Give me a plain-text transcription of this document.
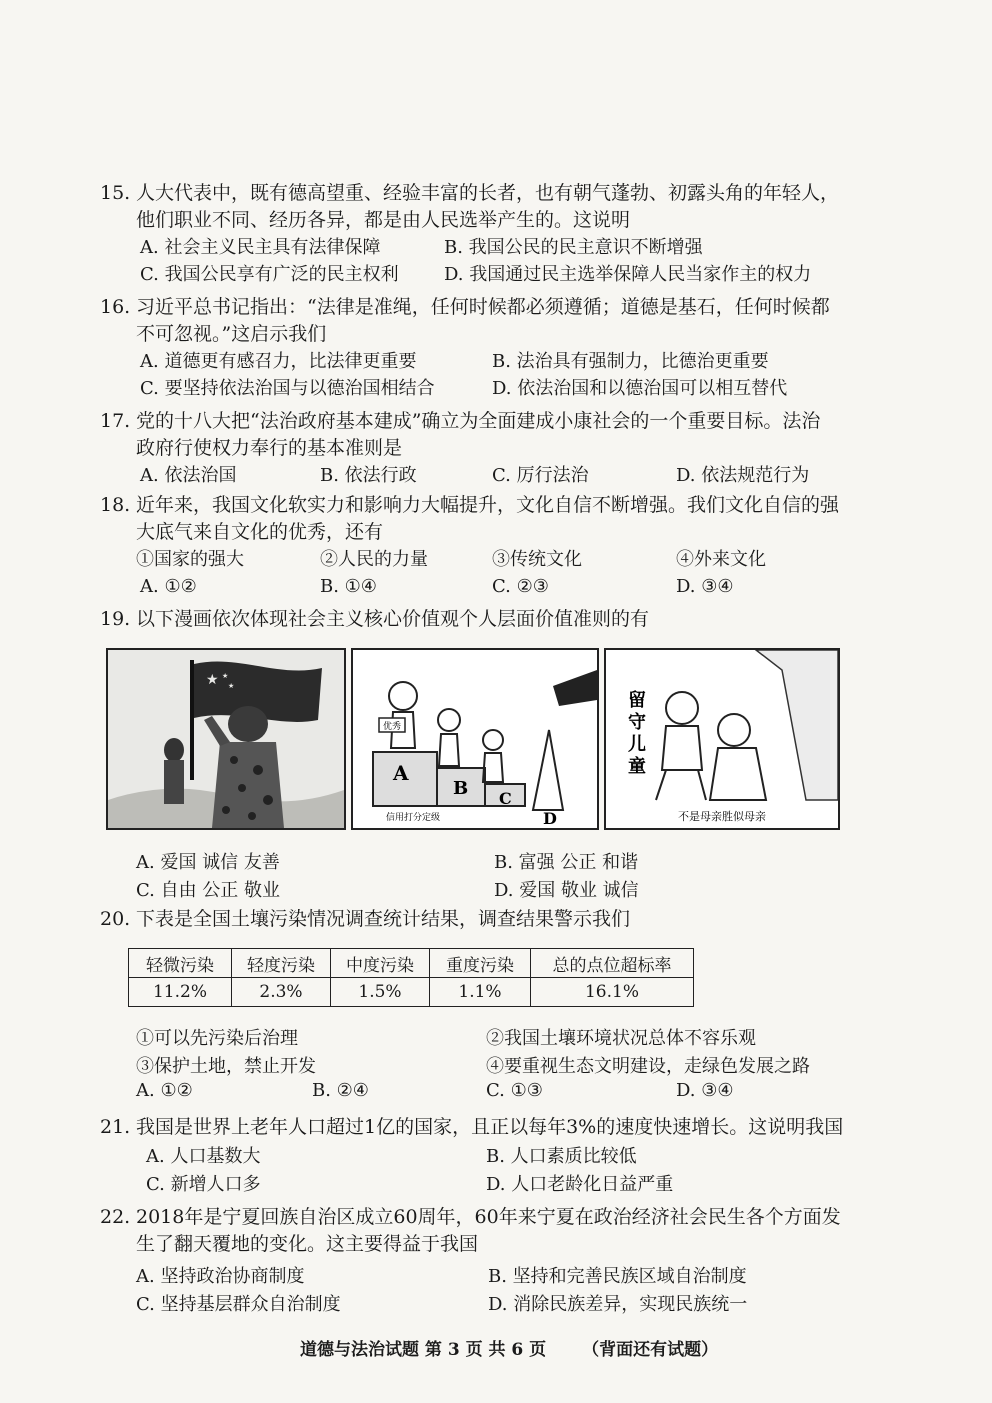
15. 人大代表中，既有德高望重、经验丰富的长者，也有朝气蓬勃、初露头角的年轻人，
他们职业不同、经历各异，都是由人民选举产生的。这说明
A. 社会主义民主具有法律保障	B. 我国公民的民主意识不断增强
C. 我国公民享有广泛的民主权利	D. 我国通过民主选举保障人民当家作主的权力
16. 习近平总书记指出：“法律是准绳，任何时候都必须遵循；道德是基石，任何时候都
不可忽视。”这启示我们
A. 道德更有感召力，比法律更重要	B. 法治具有强制力，比德治更重要
C. 要坚持依法治国与以德治国相结合	D. 依法治国和以德治国可以相互替代
17. 党的十八大把“法治政府基本建成”确立为全面建成小康社会的一个重要目标。法治
政府行使权力奉行的基本准则是
A. 依法治国	B. 依法行政	C. 厉行法治	D. 依法规范行为
18. 近年来，我国文化软实力和影响力大幅提升，文化自信不断增强。我们文化自信的强
大底气来自文化的优秀，还有
①国家的强大	②人民的力量	③传统文化	④外来文化
A. ①②	B. ①④	C. ②③	D. ③④
19. 以下漫画依次体现社会主义核心价值观个人层面价值准则的有
★ ★
★
优秀
A
B C
D
信用打分定级
留 守 儿 童
不是母亲胜似母亲
A. 爱国 诚信 友善	B. 富强 公正 和谐
C. 自由 公正 敬业	D. 爱国 敬业 诚信
20. 下表是全国土壤污染情况调查统计结果，调查结果警示我们
轻微污染	轻度污染	中度污染	重度污染	总的点位超标率
11.2%	2.3%	1.5%	1.1%	16.1%
①可以先污染后治理	②我国土壤环境状况总体不容乐观
③保护土地，禁止开发	④要重视生态文明建设，走绿色发展之路
A. ①②	B. ②④	C. ①③	D. ③④
21. 我国是世界上老年人口超过1亿的国家，且正以每年3%的速度快速增长。这说明我国
A. 人口基数大	B. 人口素质比较低
C. 新增人口多	D. 人口老龄化日益严重
22. 2018年是宁夏回族自治区成立60周年，60年来宁夏在政治经济社会民生各个方面发
生了翻天覆地的变化。这主要得益于我国
A. 坚持政治协商制度	B. 坚持和完善民族区域自治制度
C. 坚持基层群众自治制度	D. 消除民族差异，实现民族统一
道德与法治试题 第 3 页 共 6 页 （背面还有试题）
